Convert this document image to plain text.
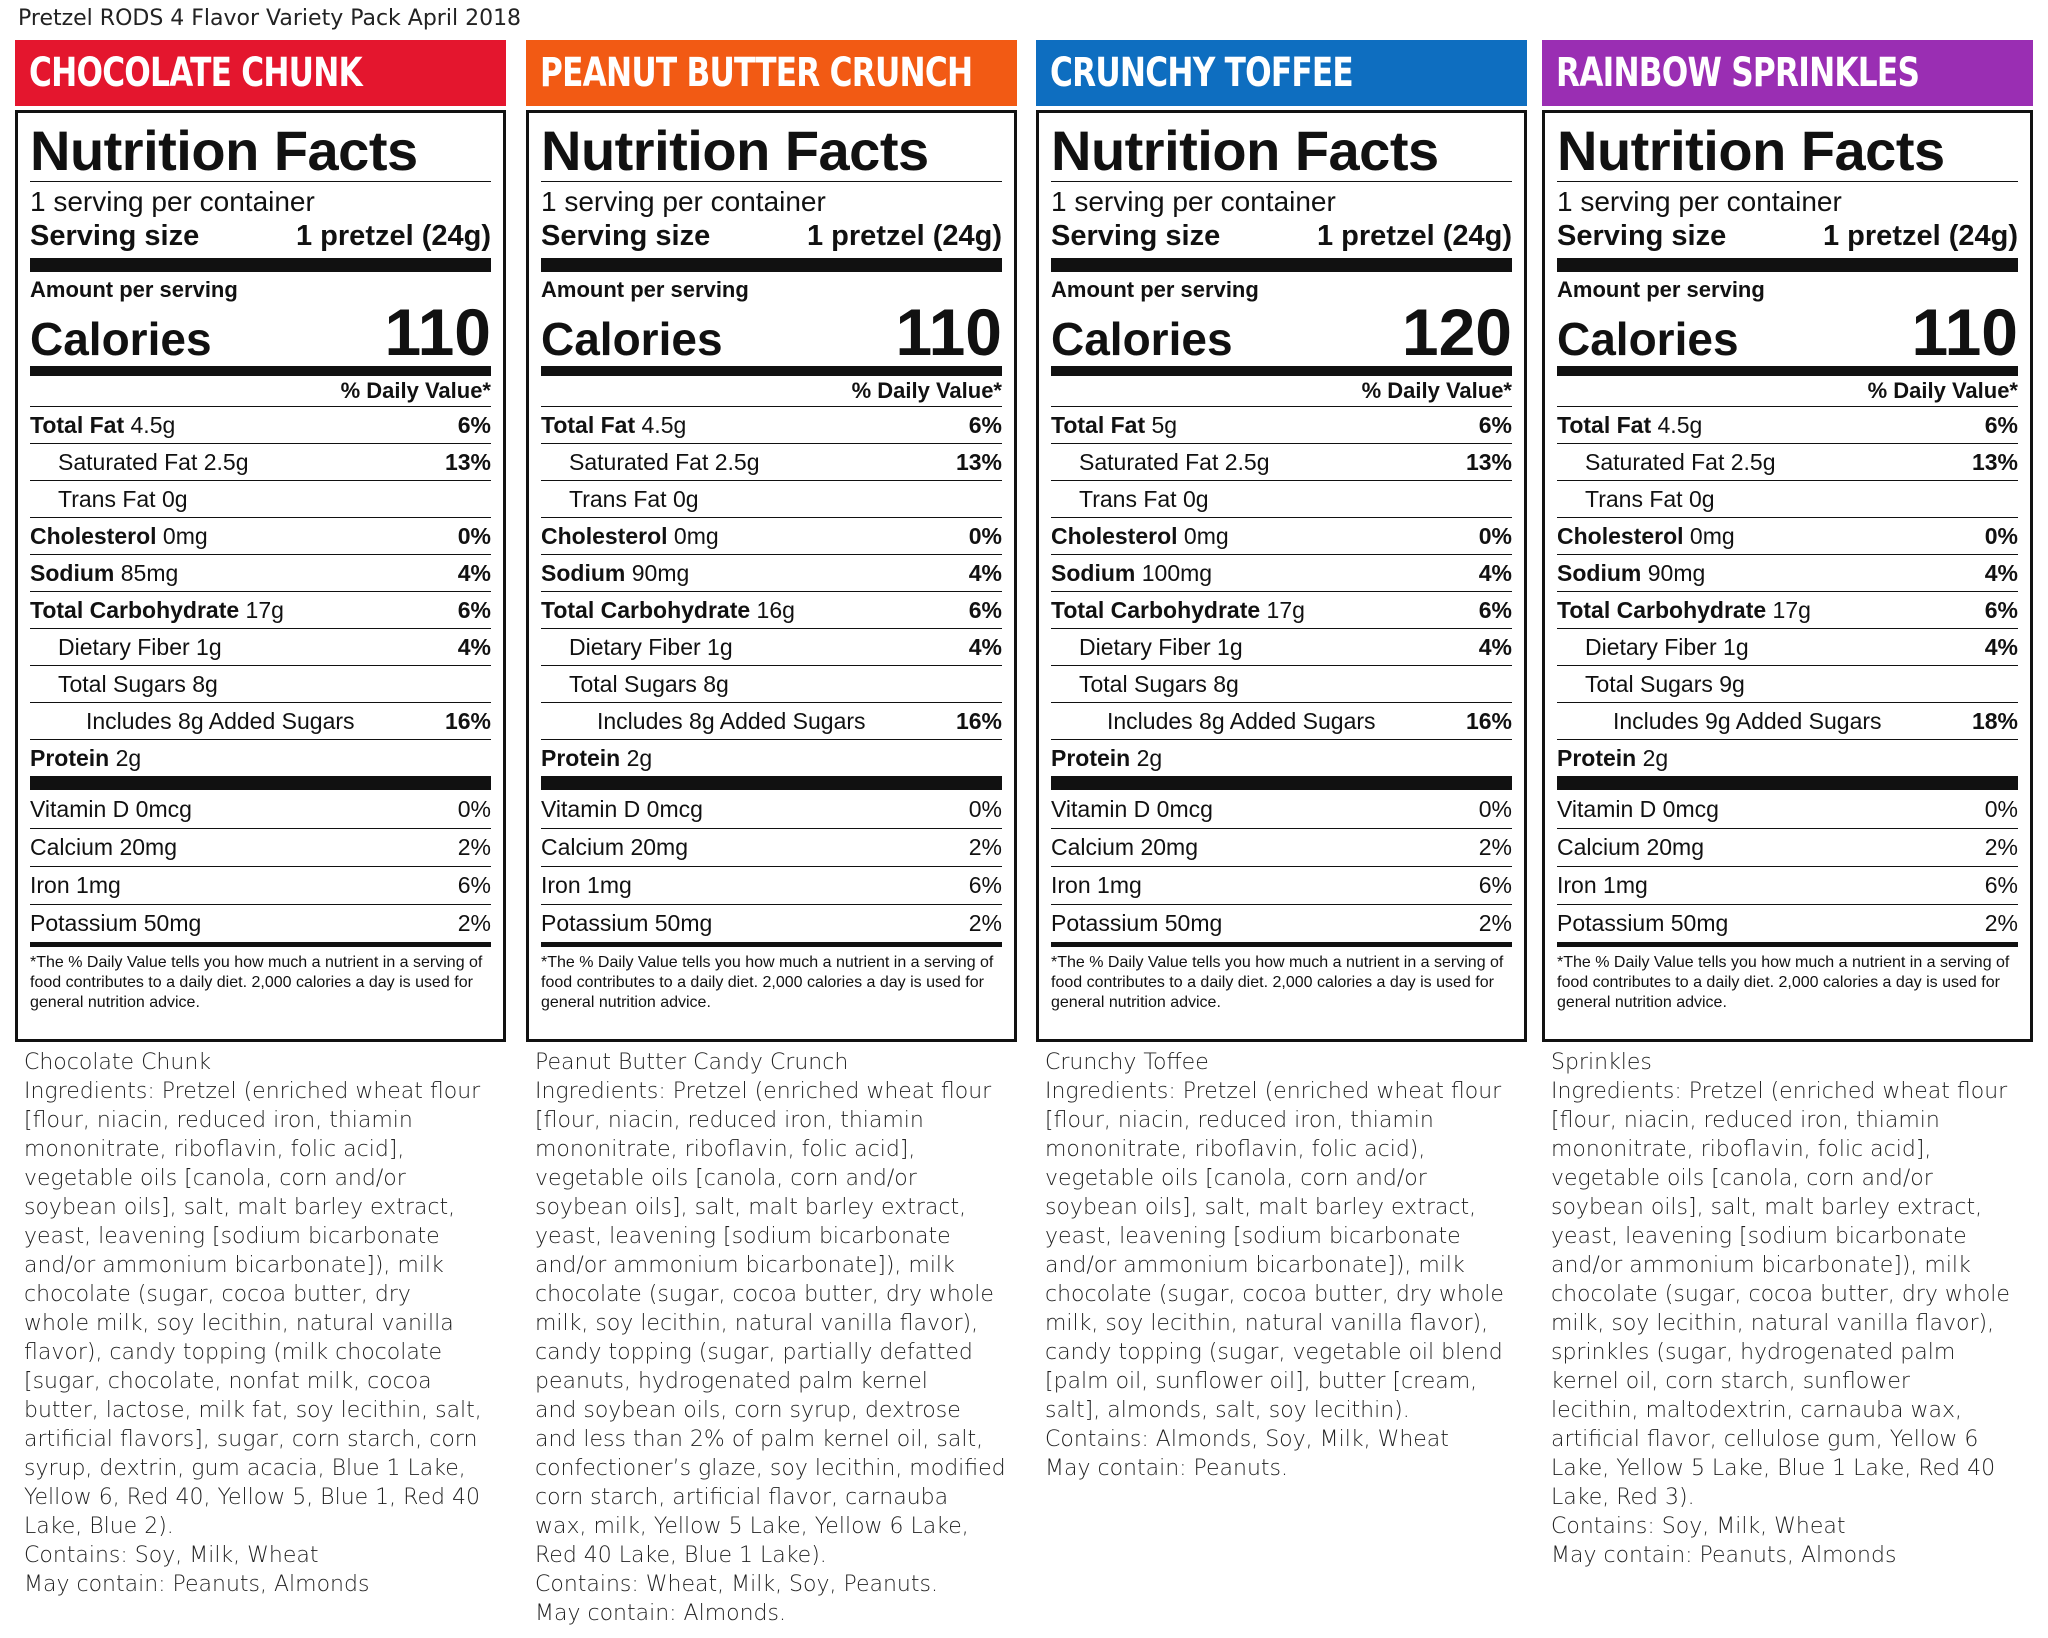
Pretzel RODS 4 Flavor Variety Pack April 2018
CHOCOLATE CHUNK
Nutrition Facts
1 serving per container
Serving size	1 pretzel (24g)
Amount per serving
Calories	110
% Daily Value*
Total Fat 4.5g	6%
Saturated Fat 2.5g	13%
Trans Fat 0g
Cholesterol 0mg	0%
Sodium 85mg	4%
Total Carbohydrate 17g	6%
Dietary Fiber 1g	4%
Total Sugars 8g
Includes 8g Added Sugars	16%
Protein 2g
Vitamin D 0mcg	0%
Calcium 20mg	2%
Iron 1mg	6%
Potassium 50mg	2%
*The % Daily Value tells you how much a nutrient in a serving of food contributes to a daily diet. 2,000 calories a day is used for general nutrition advice.
Chocolate Chunk
Ingredients: Pretzel (enriched wheat flour
[flour, niacin, reduced iron, thiamin
mononitrate, riboflavin, folic acid],
vegetable oils [canola, corn and/or
soybean oils], salt, malt barley extract,
yeast, leavening [sodium bicarbonate
and/or ammonium bicarbonate]), milk
chocolate (sugar, cocoa butter, dry
whole milk, soy lecithin, natural vanilla
flavor), candy topping (milk chocolate
[sugar, chocolate, nonfat milk, cocoa
butter, lactose, milk fat, soy lecithin, salt,
artificial flavors], sugar, corn starch, corn
syrup, dextrin, gum acacia, Blue 1 Lake,
Yellow 6, Red 40, Yellow 5, Blue 1, Red 40
Lake, Blue 2).
Contains: Soy, Milk, Wheat
May contain: Peanuts, Almonds
PEANUT BUTTER CRUNCH
Nutrition Facts
1 serving per container
Serving size	1 pretzel (24g)
Amount per serving
Calories	110
% Daily Value*
Total Fat 4.5g	6%
Saturated Fat 2.5g	13%
Trans Fat 0g
Cholesterol 0mg	0%
Sodium 90mg	4%
Total Carbohydrate 16g	6%
Dietary Fiber 1g	4%
Total Sugars 8g
Includes 8g Added Sugars	16%
Protein 2g
Vitamin D 0mcg	0%
Calcium 20mg	2%
Iron 1mg	6%
Potassium 50mg	2%
*The % Daily Value tells you how much a nutrient in a serving of food contributes to a daily diet. 2,000 calories a day is used for general nutrition advice.
Peanut Butter Candy Crunch
Ingredients: Pretzel (enriched wheat flour
[flour, niacin, reduced iron, thiamin
mononitrate, riboflavin, folic acid],
vegetable oils [canola, corn and/or
soybean oils], salt, malt barley extract,
yeast, leavening [sodium bicarbonate
and/or ammonium bicarbonate]), milk
chocolate (sugar, cocoa butter, dry whole
milk, soy lecithin, natural vanilla flavor),
candy topping (sugar, partially defatted
peanuts, hydrogenated palm kernel
and soybean oils, corn syrup, dextrose
and less than 2% of palm kernel oil, salt,
confectioner’s glaze, soy lecithin, modified
corn starch, artificial flavor, carnauba
wax, milk, Yellow 5 Lake, Yellow 6 Lake,
Red 40 Lake, Blue 1 Lake).
Contains: Wheat, Milk, Soy, Peanuts.
May contain: Almonds.
CRUNCHY TOFFEE
Nutrition Facts
1 serving per container
Serving size	1 pretzel (24g)
Amount per serving
Calories	120
% Daily Value*
Total Fat 5g	6%
Saturated Fat 2.5g	13%
Trans Fat 0g
Cholesterol 0mg	0%
Sodium 100mg	4%
Total Carbohydrate 17g	6%
Dietary Fiber 1g	4%
Total Sugars 8g
Includes 8g Added Sugars	16%
Protein 2g
Vitamin D 0mcg	0%
Calcium 20mg	2%
Iron 1mg	6%
Potassium 50mg	2%
*The % Daily Value tells you how much a nutrient in a serving of food contributes to a daily diet. 2,000 calories a day is used for general nutrition advice.
Crunchy Toffee
Ingredients: Pretzel (enriched wheat flour
[flour, niacin, reduced iron, thiamin
mononitrate, riboflavin, folic acid),
vegetable oils [canola, corn and/or
soybean oils], salt, malt barley extract,
yeast, leavening [sodium bicarbonate
and/or ammonium bicarbonate]), milk
chocolate (sugar, cocoa butter, dry whole
milk, soy lecithin, natural vanilla flavor),
candy topping (sugar, vegetable oil blend
[palm oil, sunflower oil], butter [cream,
salt], almonds, salt, soy lecithin).
Contains: Almonds, Soy, Milk, Wheat
May contain: Peanuts.
RAINBOW SPRINKLES
Nutrition Facts
1 serving per container
Serving size	1 pretzel (24g)
Amount per serving
Calories	110
% Daily Value*
Total Fat 4.5g	6%
Saturated Fat 2.5g	13%
Trans Fat 0g
Cholesterol 0mg	0%
Sodium 90mg	4%
Total Carbohydrate 17g	6%
Dietary Fiber 1g	4%
Total Sugars 9g
Includes 9g Added Sugars	18%
Protein 2g
Vitamin D 0mcg	0%
Calcium 20mg	2%
Iron 1mg	6%
Potassium 50mg	2%
*The % Daily Value tells you how much a nutrient in a serving of food contributes to a daily diet. 2,000 calories a day is used for general nutrition advice.
Sprinkles
Ingredients: Pretzel (enriched wheat flour
[flour, niacin, reduced iron, thiamin
mononitrate, riboflavin, folic acid],
vegetable oils [canola, corn and/or
soybean oils], salt, malt barley extract,
yeast, leavening [sodium bicarbonate
and/or ammonium bicarbonate]), milk
chocolate (sugar, cocoa butter, dry whole
milk, soy lecithin, natural vanilla flavor),
sprinkles (sugar, hydrogenated palm
kernel oil, corn starch, sunflower
lecithin, maltodextrin, carnauba wax,
artificial flavor, cellulose gum, Yellow 6
Lake, Yellow 5 Lake, Blue 1 Lake, Red 40
Lake, Red 3).
Contains: Soy, Milk, Wheat
May contain: Peanuts, Almonds
